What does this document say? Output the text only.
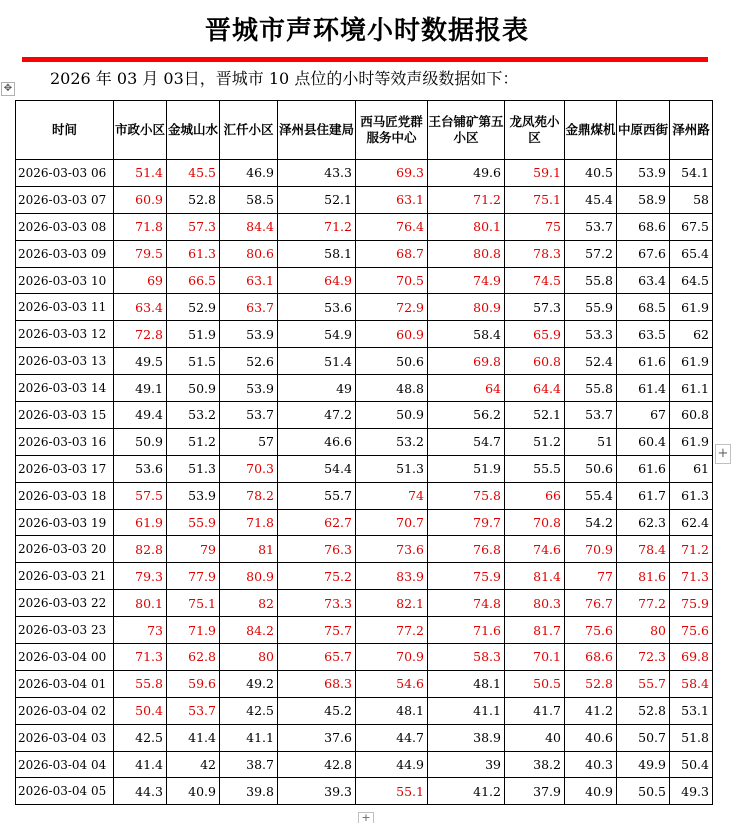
晋城市声环境小时数据报表
2026 年 03 月 03日，晋城市 10 点位的小时等效声级数据如下：
✥
时间	市政小区	金城山水	汇仟小区	泽州县住建局	西马匠党群服务中心	王台铺矿第五小区	龙凤苑小区	金鼎煤机	中原西街	泽州路
2026-03-03 06	51.4	45.5	46.9	43.3	69.3	49.6	59.1	40.5	53.9	54.1
2026-03-03 07	60.9	52.8	58.5	52.1	63.1	71.2	75.1	45.4	58.9	58
2026-03-03 08	71.8	57.3	84.4	71.2	76.4	80.1	75	53.7	68.6	67.5
2026-03-03 09	79.5	61.3	80.6	58.1	68.7	80.8	78.3	57.2	67.6	65.4
2026-03-03 10	69	66.5	63.1	64.9	70.5	74.9	74.5	55.8	63.4	64.5
2026-03-03 11	63.4	52.9	63.7	53.6	72.9	80.9	57.3	55.9	68.5	61.9
2026-03-03 12	72.8	51.9	53.9	54.9	60.9	58.4	65.9	53.3	63.5	62
2026-03-03 13	49.5	51.5	52.6	51.4	50.6	69.8	60.8	52.4	61.6	61.9
2026-03-03 14	49.1	50.9	53.9	49	48.8	64	64.4	55.8	61.4	61.1
2026-03-03 15	49.4	53.2	53.7	47.2	50.9	56.2	52.1	53.7	67	60.8
2026-03-03 16	50.9	51.2	57	46.6	53.2	54.7	51.2	51	60.4	61.9
2026-03-03 17	53.6	51.3	70.3	54.4	51.3	51.9	55.5	50.6	61.6	61
2026-03-03 18	57.5	53.9	78.2	55.7	74	75.8	66	55.4	61.7	61.3
2026-03-03 19	61.9	55.9	71.8	62.7	70.7	79.7	70.8	54.2	62.3	62.4
2026-03-03 20	82.8	79	81	76.3	73.6	76.8	74.6	70.9	78.4	71.2
2026-03-03 21	79.3	77.9	80.9	75.2	83.9	75.9	81.4	77	81.6	71.3
2026-03-03 22	80.1	75.1	82	73.3	82.1	74.8	80.3	76.7	77.2	75.9
2026-03-03 23	73	71.9	84.2	75.7	77.2	71.6	81.7	75.6	80	75.6
2026-03-04 00	71.3	62.8	80	65.7	70.9	58.3	70.1	68.6	72.3	69.8
2026-03-04 01	55.8	59.6	49.2	68.3	54.6	48.1	50.5	52.8	55.7	58.4
2026-03-04 02	50.4	53.7	42.5	45.2	48.1	41.1	41.7	41.2	52.8	53.1
2026-03-04 03	42.5	41.4	41.1	37.6	44.7	38.9	40	40.6	50.7	51.8
2026-03-04 04	41.4	42	38.7	42.8	44.9	39	38.2	40.3	49.9	50.4
2026-03-04 05	44.3	40.9	39.8	39.3	55.1	41.2	37.9	40.9	50.5	49.3
+
+
